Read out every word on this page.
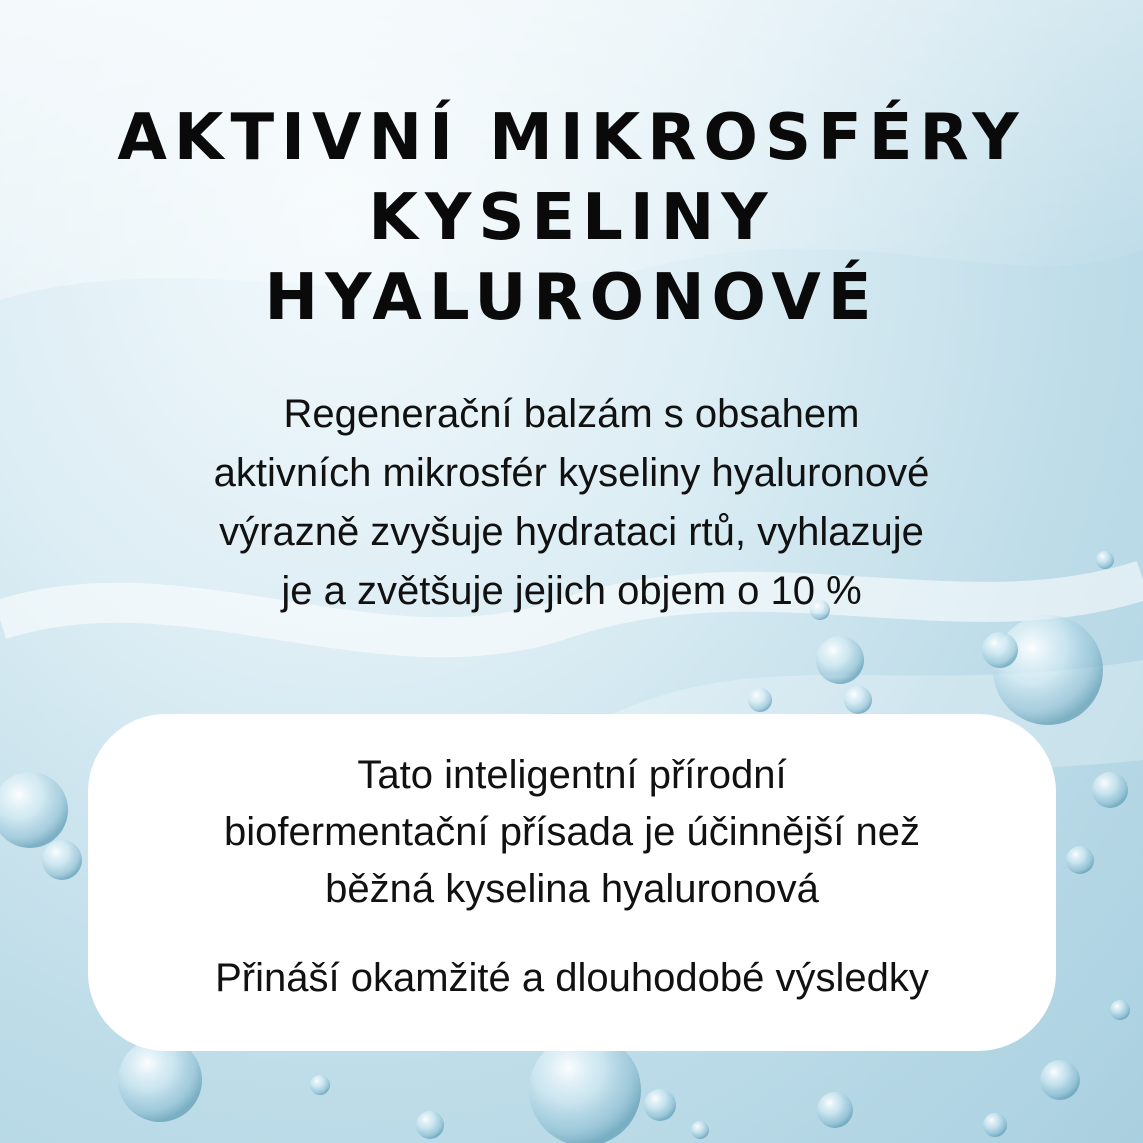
AKTIVNÍ MIKROSFÉRY
KYSELINY
HYALURONOVÉ

Regenerační balzám s obsahem
aktivních mikrosfér kyseliny hyaluronové
výrazně zvyšuje hydrataci rtů, vyhlazuje
je a zvětšuje jejich objem o 10 %

Tato inteligentní přírodní
biofermentační přísada je účinnější než
běžná kyselina hyaluronová

Přináší okamžité a dlouhodobé výsledky
